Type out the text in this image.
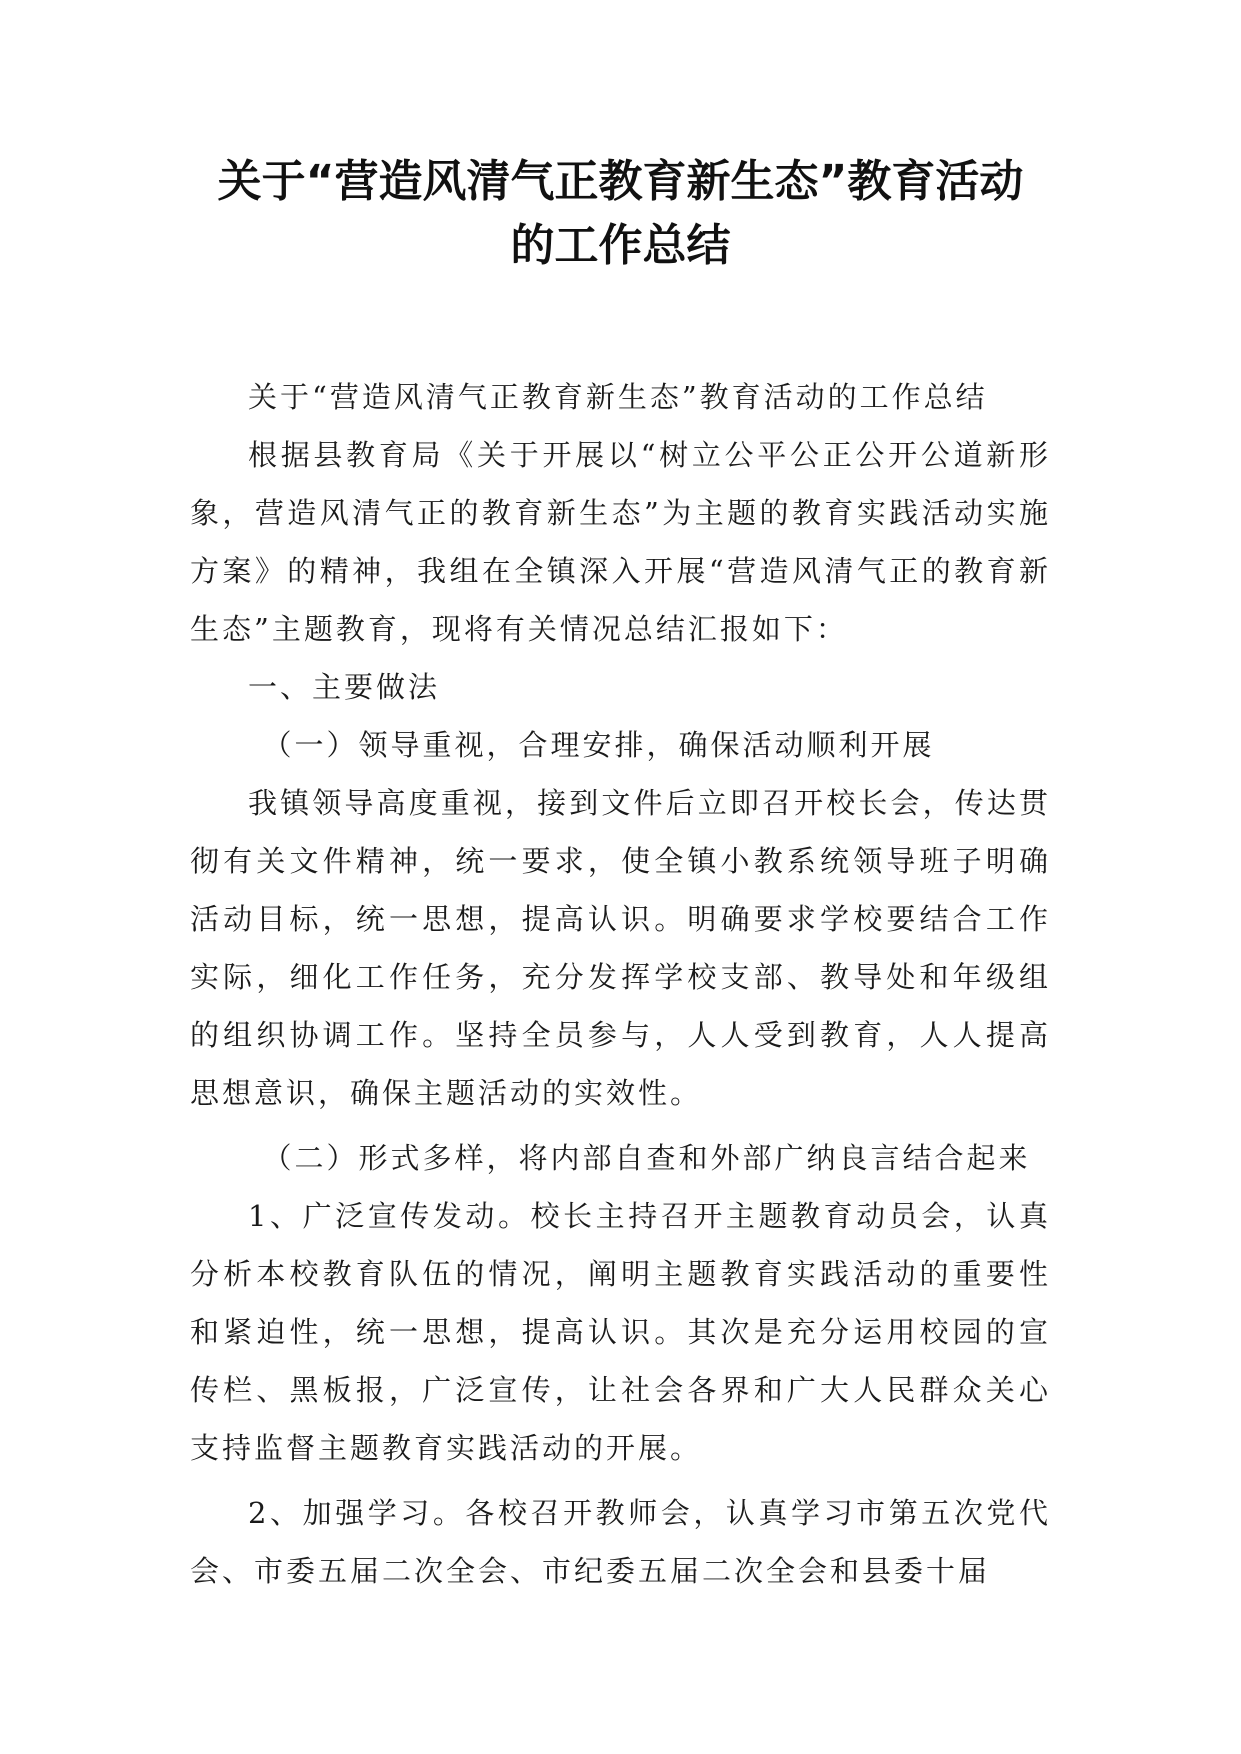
关于“营造风清气正教育新生态”教育活动
的工作总结

关于“营造风清气正教育新生态”教育活动的工作总结

根据县教育局《关于开展以“树立公平公正公开公道新形象，营造风清气正的教育新生态”为主题的教育实践活动实施方案》的精神，我组在全镇深入开展“营造风清气正的教育新生态”主题教育，现将有关情况总结汇报如下：

一、主要做法

（一）领导重视，合理安排，确保活动顺利开展

我镇领导高度重视，接到文件后立即召开校长会，传达贯彻有关文件精神，统一要求，使全镇小教系统领导班子明确活动目标，统一思想，提高认识。明确要求学校要结合工作实际，细化工作任务，充分发挥学校支部、教导处和年级组的组织协调工作。坚持全员参与，人人受到教育，人人提高思想意识，确保主题活动的实效性。

（二）形式多样，将内部自查和外部广纳良言结合起来

1、广泛宣传发动。校长主持召开主题教育动员会，认真分析本校教育队伍的情况，阐明主题教育实践活动的重要性和紧迫性，统一思想，提高认识。其次是充分运用校园的宣传栏、黑板报，广泛宣传，让社会各界和广大人民群众关心支持监督主题教育实践活动的开展。

2、加强学习。各校召开教师会，认真学习市第五次党代会、市委五届二次全会、市纪委五届二次全会和县委十届
